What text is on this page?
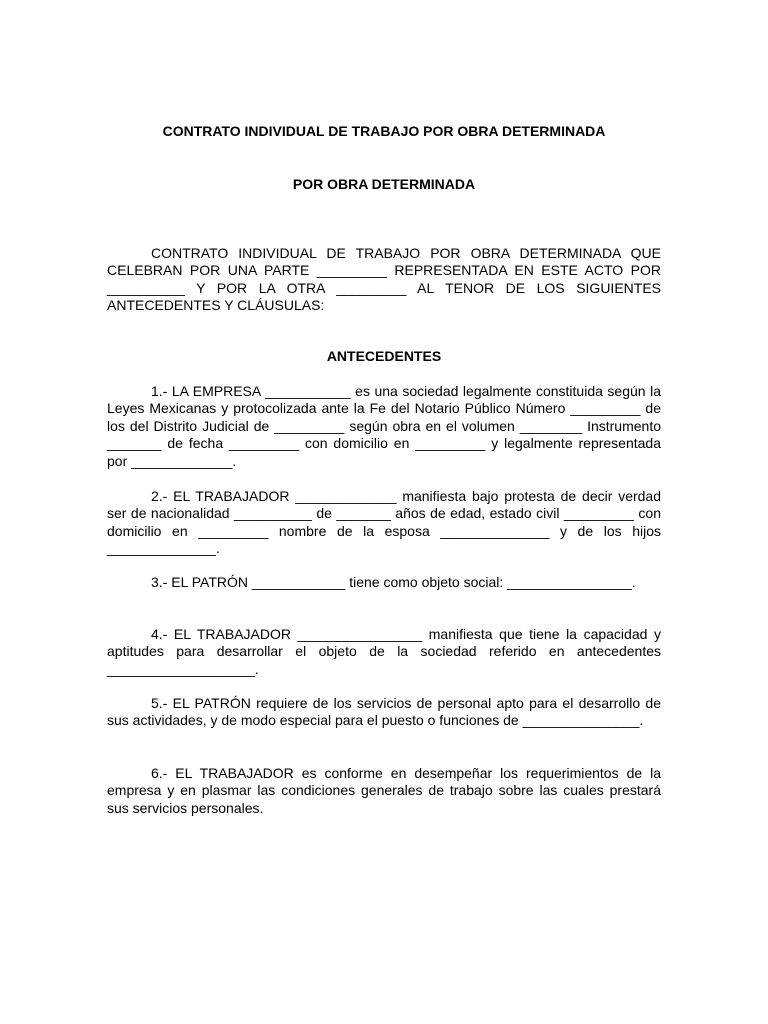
CONTRATO INDIVIDUAL DE TRABAJO POR OBRA DETERMINADA
POR OBRA DETERMINADA

CONTRATO INDIVIDUAL DE TRABAJO POR OBRA DETERMINADA QUE CELEBRAN POR UNA PARTE _________ REPRESENTADA EN ESTE ACTO POR __________ Y POR LA OTRA _________ AL TENOR DE LOS SIGUIENTES ANTECEDENTES Y CLÁUSULAS:

ANTECEDENTES

1.- LA EMPRESA ___________ es una sociedad legalmente constituida según la Leyes Mexicanas y protocolizada ante la Fe del Notario Público Número _________ de los del Distrito Judicial de _________ según obra en el volumen ________ Instrumento _______ de fecha _________ con domicilio en _________ y legalmente representada por _____________.

2.- EL TRABAJADOR _____________ manifiesta bajo protesta de decir verdad ser de nacionalidad __________ de _______ años de edad, estado civil _________ con domicilio en _________ nombre de la esposa ______________ y de los hijos ______________.

3.- EL PATRÓN ____________ tiene como objeto social: ________________.

4.- EL TRABAJADOR ________________ manifiesta que tiene la capacidad y aptitudes para desarrollar el objeto de la sociedad referido en antecedentes ___________________.

5.- EL PATRÓN requiere de los servicios de personal apto para el desarrollo de sus actividades, y de modo especial para el puesto o funciones de _______________.

6.- EL TRABAJADOR es conforme en desempeñar los requerimientos de la empresa y en plasmar las condiciones generales de trabajo sobre las cuales prestará sus servicios personales.
